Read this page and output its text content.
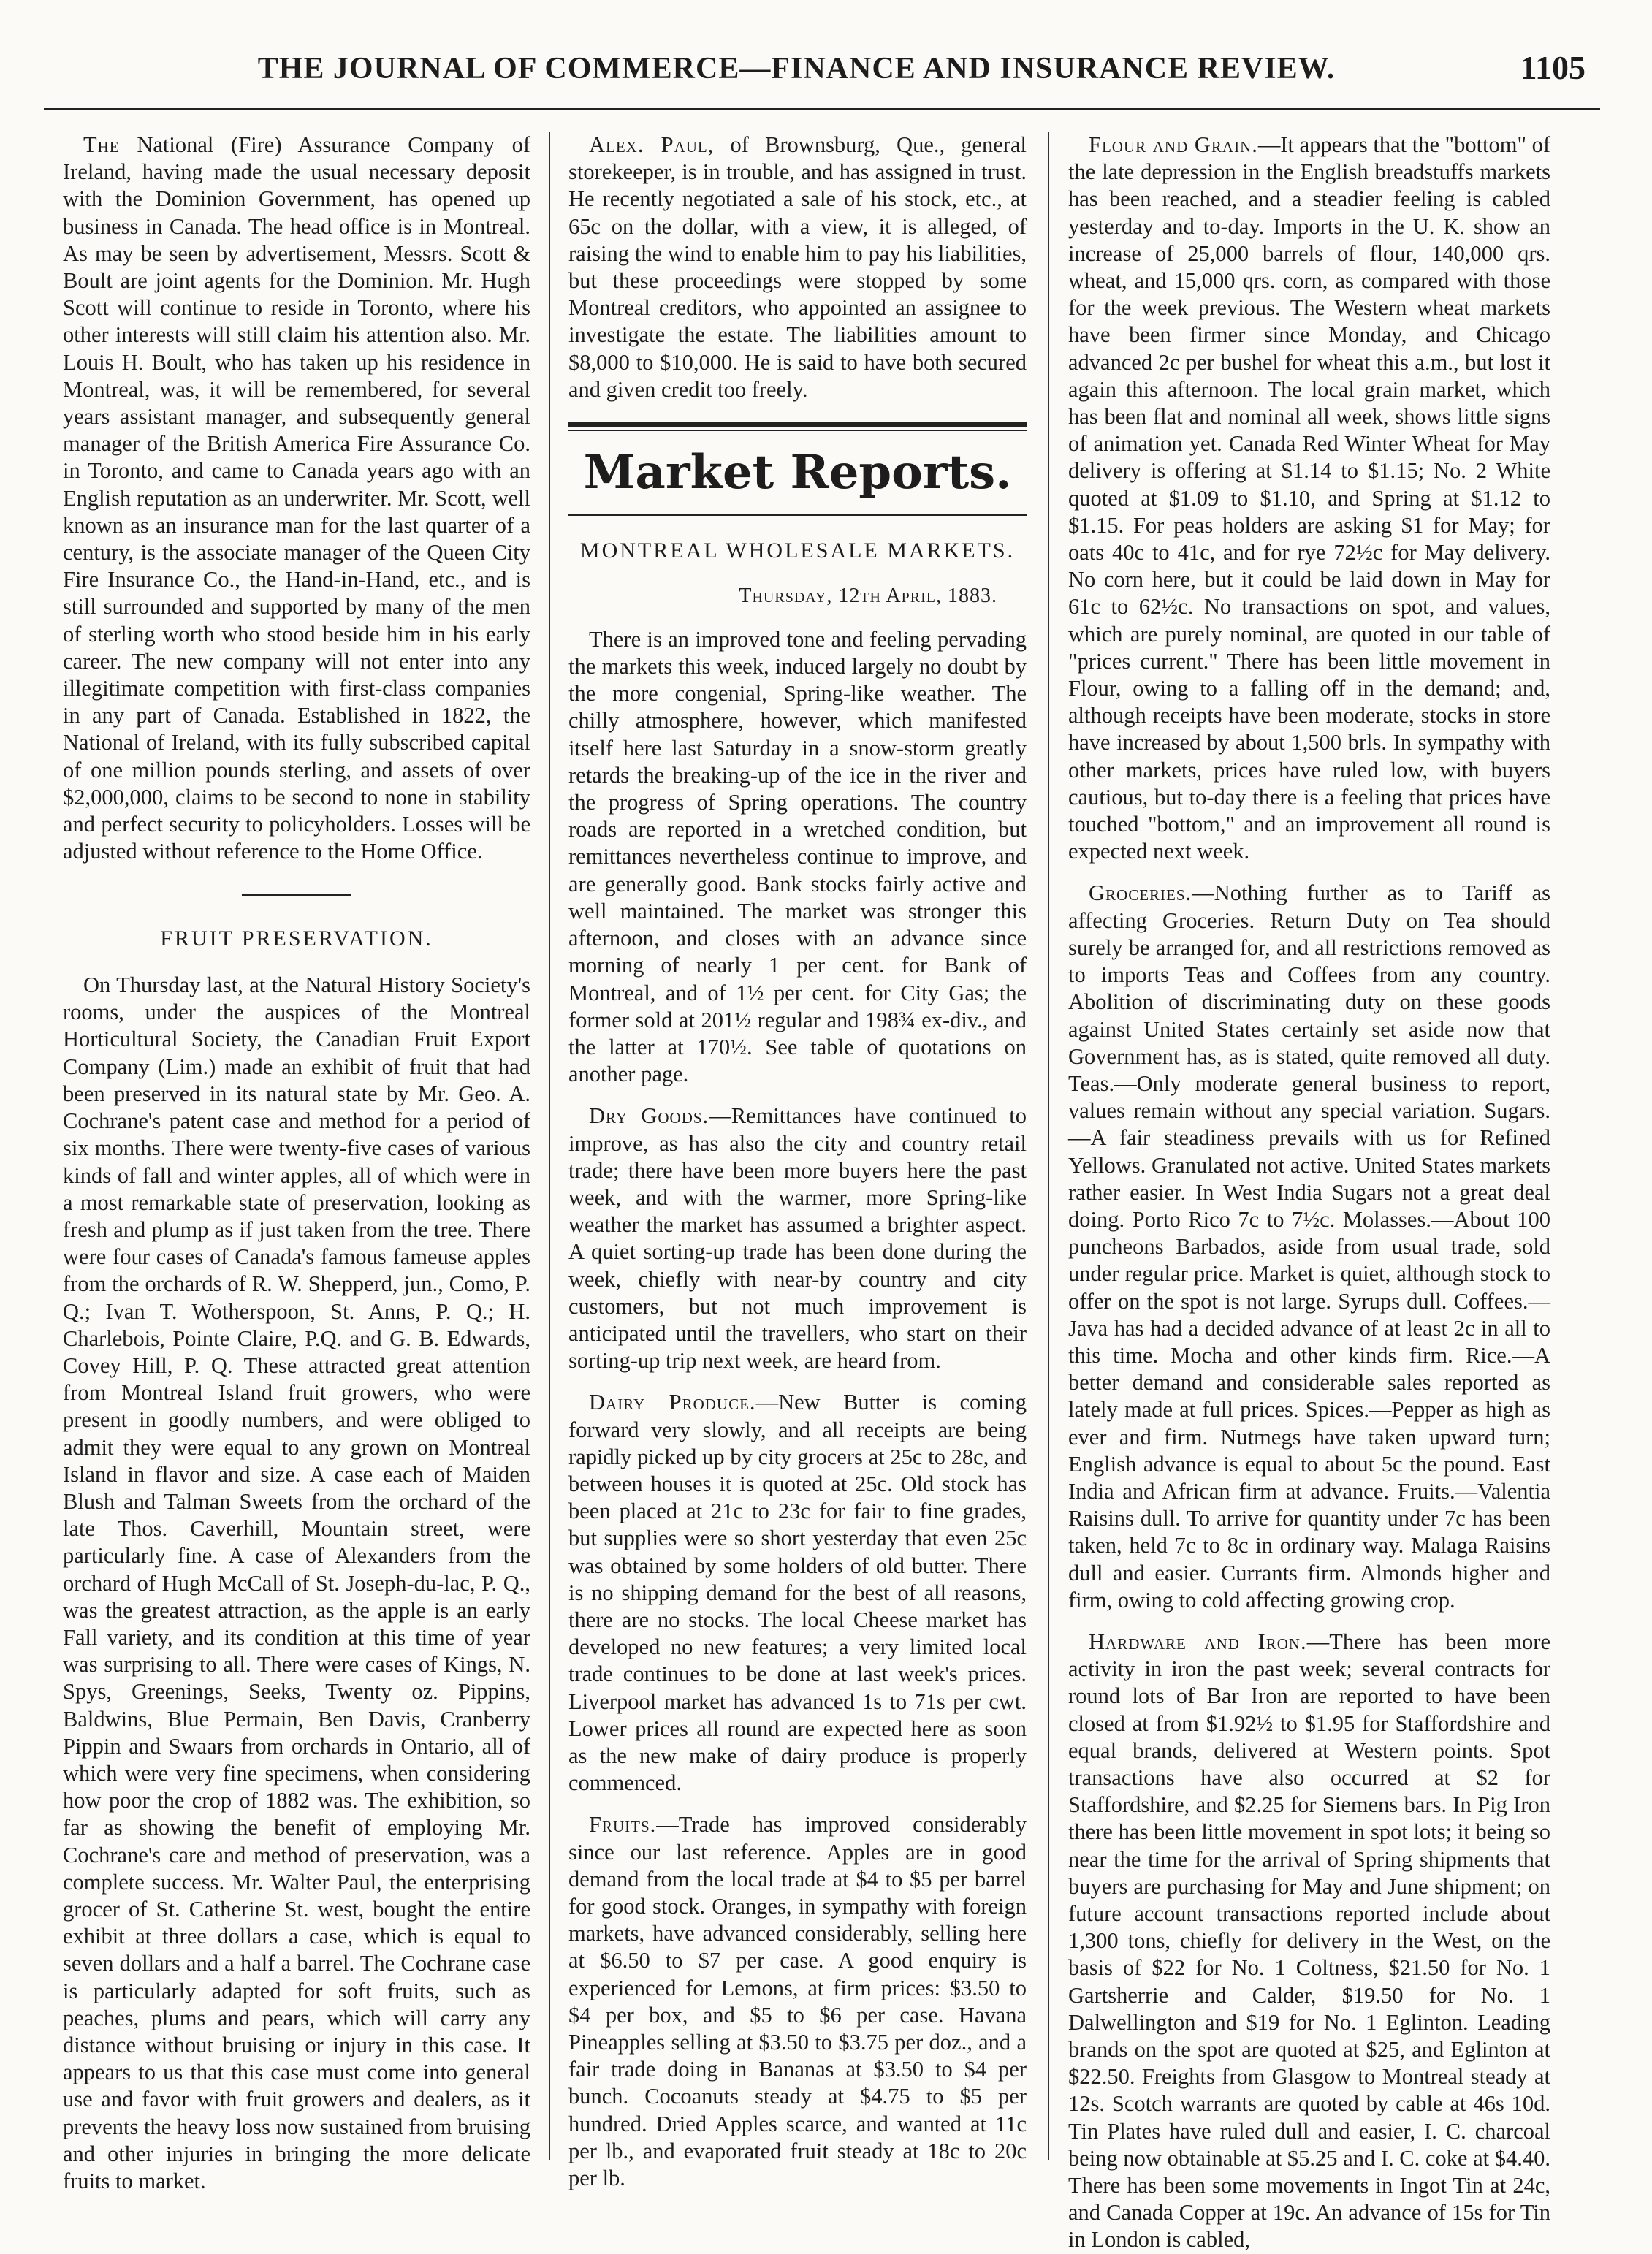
THE JOURNAL OF COMMERCE—FINANCE AND INSURANCE REVIEW.	1105

The National (Fire) Assurance Company of Ireland, having made the usual necessary deposit with the Dominion Government, has opened up business in Canada. The head office is in Montreal. As may be seen by advertisement, Messrs. Scott & Boult are joint agents for the Dominion. Mr. Hugh Scott will continue to reside in Toronto, where his other interests will still claim his attention also. Mr. Louis H. Boult, who has taken up his residence in Montreal, was, it will be remembered, for several years assistant manager, and subsequently general manager of the British America Fire Assurance Co. in Toronto, and came to Canada years ago with an English reputation as an underwriter. Mr. Scott, well known as an insurance man for the last quarter of a century, is the associate manager of the Queen City Fire Insurance Co., the Hand-in-Hand, etc., and is still surrounded and supported by many of the men of sterling worth who stood beside him in his early career. The new company will not enter into any illegitimate competition with first-class companies in any part of Canada. Established in 1822, the National of Ireland, with its fully subscribed capital of one million pounds sterling, and assets of over $2,000,000, claims to be second to none in stability and perfect security to policyholders. Losses will be adjusted without reference to the Home Office.

FRUIT PRESERVATION.

On Thursday last, at the Natural History Society's rooms, under the auspices of the Montreal Horticultural Society, the Canadian Fruit Export Company (Lim.) made an exhibit of fruit that had been preserved in its natural state by Mr. Geo. A. Cochrane's patent case and method for a period of six months. There were twenty-five cases of various kinds of fall and winter apples, all of which were in a most remarkable state of preservation, looking as fresh and plump as if just taken from the tree. There were four cases of Canada's famous fameuse apples from the orchards of R. W. Shepperd, jun., Como, P. Q.; Ivan T. Wotherspoon, St. Anns, P. Q.; H. Charlebois, Pointe Claire, P.Q. and G. B. Edwards, Covey Hill, P. Q. These attracted great attention from Montreal Island fruit growers, who were present in goodly numbers, and were obliged to admit they were equal to any grown on Montreal Island in flavor and size. A case each of Maiden Blush and Talman Sweets from the orchard of the late Thos. Caverhill, Mountain street, were particularly fine. A case of Alexanders from the orchard of Hugh McCall of St. Joseph-du-lac, P. Q., was the greatest attraction, as the apple is an early Fall variety, and its condition at this time of year was surprising to all. There were cases of Kings, N. Spys, Greenings, Seeks, Twenty oz. Pippins, Baldwins, Blue Permain, Ben Davis, Cranberry Pippin and Swaars from orchards in Ontario, all of which were very fine specimens, when considering how poor the crop of 1882 was. The exhibition, so far as showing the benefit of employing Mr. Cochrane's care and method of preservation, was a complete success. Mr. Walter Paul, the enterprising grocer of St. Catherine St. west, bought the entire exhibit at three dollars a case, which is equal to seven dollars and a half a barrel. The Cochrane case is particularly adapted for soft fruits, such as peaches, plums and pears, which will carry any distance without bruising or injury in this case. It appears to us that this case must come into general use and favor with fruit growers and dealers, as it prevents the heavy loss now sustained from bruising and other injuries in bringing the more delicate fruits to market.

Alex. Paul, of Brownsburg, Que., general storekeeper, is in trouble, and has assigned in trust. He recently negotiated a sale of his stock, etc., at 65c on the dollar, with a view, it is alleged, of raising the wind to enable him to pay his liabilities, but these proceedings were stopped by some Montreal creditors, who appointed an assignee to investigate the estate. The liabilities amount to $8,000 to $10,000. He is said to have both secured and given credit too freely.

Market Reports.
MONTREAL WHOLESALE MARKETS.
Thursday, 12th April, 1883.

There is an improved tone and feeling pervading the markets this week, induced largely no doubt by the more congenial, Spring-like weather. The chilly atmosphere, however, which manifested itself here last Saturday in a snow-storm greatly retards the breaking-up of the ice in the river and the progress of Spring operations. The country roads are reported in a wretched condition, but remittances nevertheless continue to improve, and are generally good. Bank stocks fairly active and well maintained. The market was stronger this afternoon, and closes with an advance since morning of nearly 1 per cent. for Bank of Montreal, and of 1½ per cent. for City Gas; the former sold at 201½ regular and 198¾ ex-div., and the latter at 170½. See table of quotations on another page.

Dry Goods.—Remittances have continued to improve, as has also the city and country retail trade; there have been more buyers here the past week, and with the warmer, more Spring-like weather the market has assumed a brighter aspect. A quiet sorting-up trade has been done during the week, chiefly with near-by country and city customers, but not much improvement is anticipated until the travellers, who start on their sorting-up trip next week, are heard from.

Dairy Produce.—New Butter is coming forward very slowly, and all receipts are being rapidly picked up by city grocers at 25c to 28c, and between houses it is quoted at 25c. Old stock has been placed at 21c to 23c for fair to fine grades, but supplies were so short yesterday that even 25c was obtained by some holders of old butter. There is no shipping demand for the best of all reasons, there are no stocks. The local Cheese market has developed no new features; a very limited local trade continues to be done at last week's prices. Liverpool market has advanced 1s to 71s per cwt. Lower prices all round are expected here as soon as the new make of dairy produce is properly commenced.

Fruits.—Trade has improved considerably since our last reference. Apples are in good demand from the local trade at $4 to $5 per barrel for good stock. Oranges, in sympathy with foreign markets, have advanced considerably, selling here at $6.50 to $7 per case. A good enquiry is experienced for Lemons, at firm prices: $3.50 to $4 per box, and $5 to $6 per case. Havana Pineapples selling at $3.50 to $3.75 per doz., and a fair trade doing in Bananas at $3.50 to $4 per bunch. Cocoanuts steady at $4.75 to $5 per hundred. Dried Apples scarce, and wanted at 11c per lb., and evaporated fruit steady at 18c to 20c per lb.

Flour and Grain.—It appears that the "bottom" of the late depression in the English breadstuffs markets has been reached, and a steadier feeling is cabled yesterday and to-day. Imports in the U. K. show an increase of 25,000 barrels of flour, 140,000 qrs. wheat, and 15,000 qrs. corn, as compared with those for the week previous. The Western wheat markets have been firmer since Monday, and Chicago advanced 2c per bushel for wheat this a.m., but lost it again this afternoon. The local grain market, which has been flat and nominal all week, shows little signs of animation yet. Canada Red Winter Wheat for May delivery is offering at $1.14 to $1.15; No. 2 White quoted at $1.09 to $1.10, and Spring at $1.12 to $1.15. For peas holders are asking $1 for May; for oats 40c to 41c, and for rye 72½c for May delivery. No corn here, but it could be laid down in May for 61c to 62½c. No transactions on spot, and values, which are purely nominal, are quoted in our table of "prices current." There has been little movement in Flour, owing to a falling off in the demand; and, although receipts have been moderate, stocks in store have increased by about 1,500 brls. In sympathy with other markets, prices have ruled low, with buyers cautious, but to-day there is a feeling that prices have touched "bottom," and an improvement all round is expected next week.

Groceries.—Nothing further as to Tariff as affecting Groceries. Return Duty on Tea should surely be arranged for, and all restrictions removed as to imports Teas and Coffees from any country. Abolition of discriminating duty on these goods against United States certainly set aside now that Government has, as is stated, quite removed all duty. Teas.—Only moderate general business to report, values remain without any special variation. Sugars.—A fair steadiness prevails with us for Refined Yellows. Granulated not active. United States markets rather easier. In West India Sugars not a great deal doing. Porto Rico 7c to 7½c. Molasses.—About 100 puncheons Barbados, aside from usual trade, sold under regular price. Market is quiet, although stock to offer on the spot is not large. Syrups dull. Coffees.—Java has had a decided advance of at least 2c in all to this time. Mocha and other kinds firm. Rice.—A better demand and considerable sales reported as lately made at full prices. Spices.—Pepper as high as ever and firm. Nutmegs have taken upward turn; English advance is equal to about 5c the pound. East India and African firm at advance. Fruits.—Valentia Raisins dull. To arrive for quantity under 7c has been taken, held 7c to 8c in ordinary way. Malaga Raisins dull and easier. Currants firm. Almonds higher and firm, owing to cold affecting growing crop.

Hardware and Iron.—There has been more activity in iron the past week; several contracts for round lots of Bar Iron are reported to have been closed at from $1.92½ to $1.95 for Staffordshire and equal brands, delivered at Western points. Spot transactions have also occurred at $2 for Staffordshire, and $2.25 for Siemens bars. In Pig Iron there has been little movement in spot lots; it being so near the time for the arrival of Spring shipments that buyers are purchasing for May and June shipment; on future account transactions reported include about 1,300 tons, chiefly for delivery in the West, on the basis of $22 for No. 1 Coltness, $21.50 for No. 1 Gartsherrie and Calder, $19.50 for No. 1 Dalwellington and $19 for No. 1 Eglinton. Leading brands on the spot are quoted at $25, and Eglinton at $22.50. Freights from Glasgow to Montreal steady at 12s. Scotch warrants are quoted by cable at 46s 10d. Tin Plates have ruled dull and easier, I. C. charcoal being now obtainable at $5.25 and I. C. coke at $4.40. There has been some movements in Ingot Tin at 24c, and Canada Copper at 19c. An advance of 15s for Tin in London is cabled,
